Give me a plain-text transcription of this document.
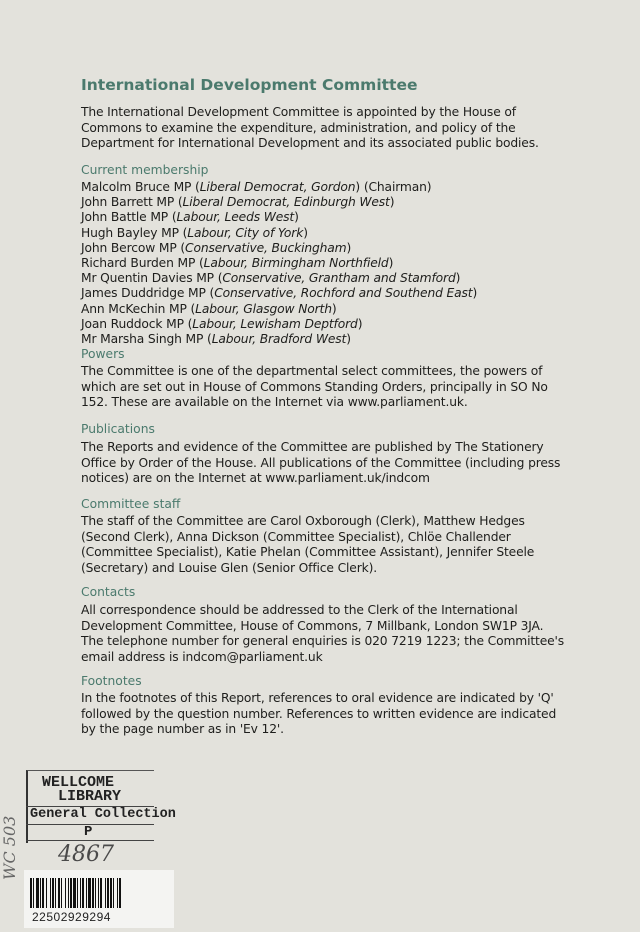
International Development Committee
The International Development Committee is appointed by the House of
Commons to examine the expenditure, administration, and policy of the
Department for International Development and its associated public bodies.
Current membership
Malcolm Bruce MP (Liberal Democrat, Gordon) (Chairman)
John Barrett MP (Liberal Democrat, Edinburgh West)
John Battle MP (Labour, Leeds West)
Hugh Bayley MP (Labour, City of York)
John Bercow MP (Conservative, Buckingham)
Richard Burden MP (Labour, Birmingham Northfield)
Mr Quentin Davies MP (Conservative, Grantham and Stamford)
James Duddridge MP (Conservative, Rochford and Southend East)
Ann McKechin MP (Labour, Glasgow North)
Joan Ruddock MP (Labour, Lewisham Deptford)
Mr Marsha Singh MP (Labour, Bradford West)
Powers
The Committee is one of the departmental select committees, the powers of
which are set out in House of Commons Standing Orders, principally in SO No
152. These are available on the Internet via www.parliament.uk.
Publications
The Reports and evidence of the Committee are published by The Stationery
Office by Order of the House. All publications of the Committee (including press
notices) are on the Internet at www.parliament.uk/indcom
Committee staff
The staff of the Committee are Carol Oxborough (Clerk), Matthew Hedges
(Second Clerk), Anna Dickson (Committee Specialist), Chlöe Challender
(Committee Specialist), Katie Phelan (Committee Assistant), Jennifer Steele
(Secretary) and Louise Glen (Senior Office Clerk).
Contacts
All correspondence should be addressed to the Clerk of the International
Development Committee, House of Commons, 7 Millbank, London SW1P 3JA.
The telephone number for general enquiries is 020 7219 1223; the Committee's
email address is indcom@parliament.uk
Footnotes
In the footnotes of this Report, references to oral evidence are indicated by 'Q'
followed by the question number. References to written evidence are indicated
by the page number as in 'Ev 12'.
WELLCOME
LIBRARY
General Collection
P
4867
WC 503
22502929294
